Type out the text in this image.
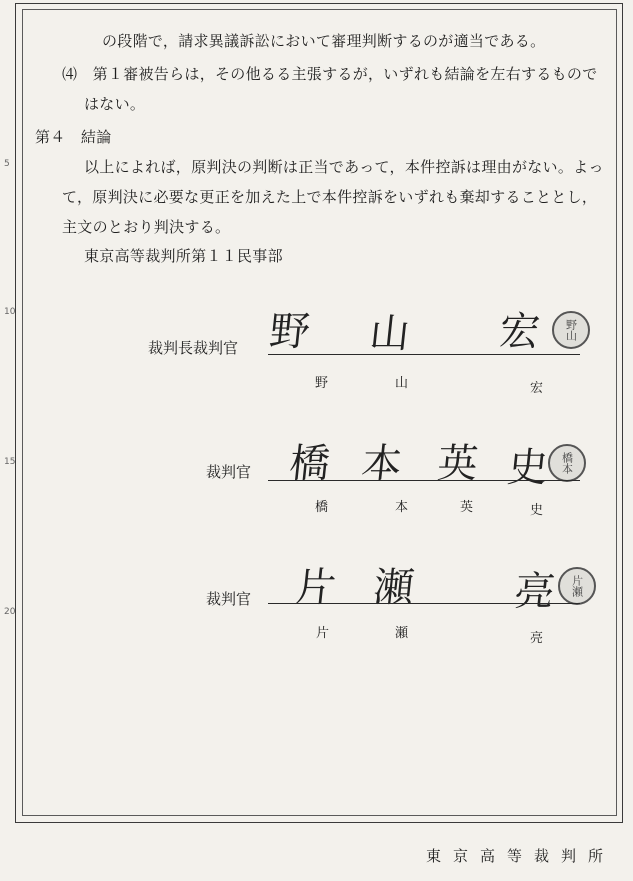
5
10
15
20
の段階で，請求異議訴訟において審理判断するのが適当である。
⑷　第１審被告らは，その他るる主張するが，いずれも結論を左右するもので
はない。
第４　結論
以上によれば，原判決の判断は正当であって，本件控訴は理由がない。よっ
て，原判決に必要な更正を加えた上で本件控訴をいずれも棄却することとし，
主文のとおり判決する。
東京高等裁判所第１１民事部
裁判長裁判官 野 山 宏 野山
野	山	宏
裁判官 橋 本 英 史 橋本
橋	本	英	史
裁判官 片 瀬 亮 片瀬
片	瀬	亮
東京高等裁判所
